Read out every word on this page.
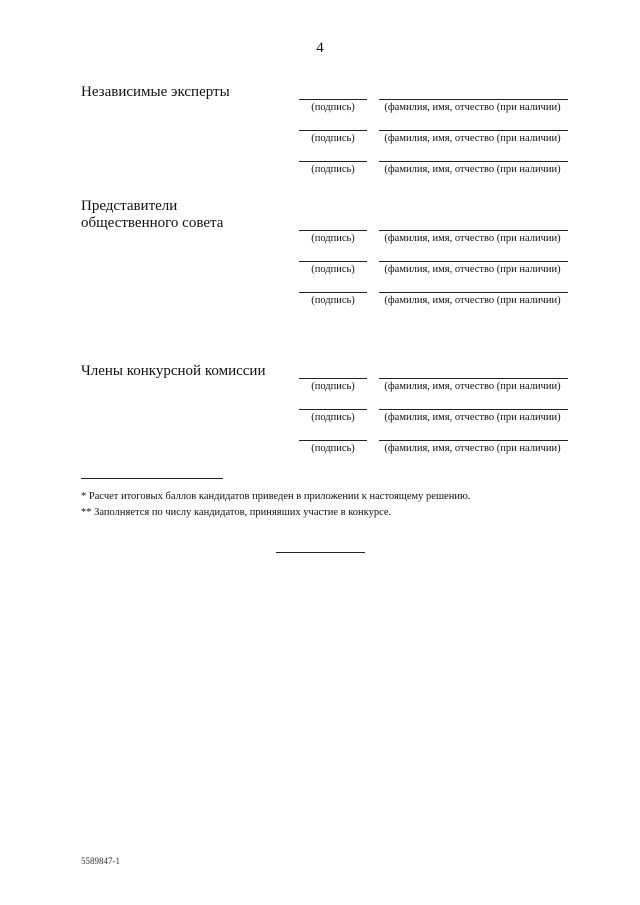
4
Независимые эксперты
(подпись)	(фамилия, имя, отчество (при наличии)
(подпись)	(фамилия, имя, отчество (при наличии)
(подпись)	(фамилия, имя, отчество (при наличии)
Представители
общественного совета
(подпись)	(фамилия, имя, отчество (при наличии)
(подпись)	(фамилия, имя, отчество (при наличии)
(подпись)	(фамилия, имя, отчество (при наличии)
Члены конкурсной комиссии
(подпись)	(фамилия, имя, отчество (при наличии)
(подпись)	(фамилия, имя, отчество (при наличии)
(подпись)	(фамилия, имя, отчество (при наличии)
* Расчет итоговых баллов кандидатов приведен в приложении к настоящему решению.
** Заполняется по числу кандидатов, принявших участие в конкурсе.
5589847-1
